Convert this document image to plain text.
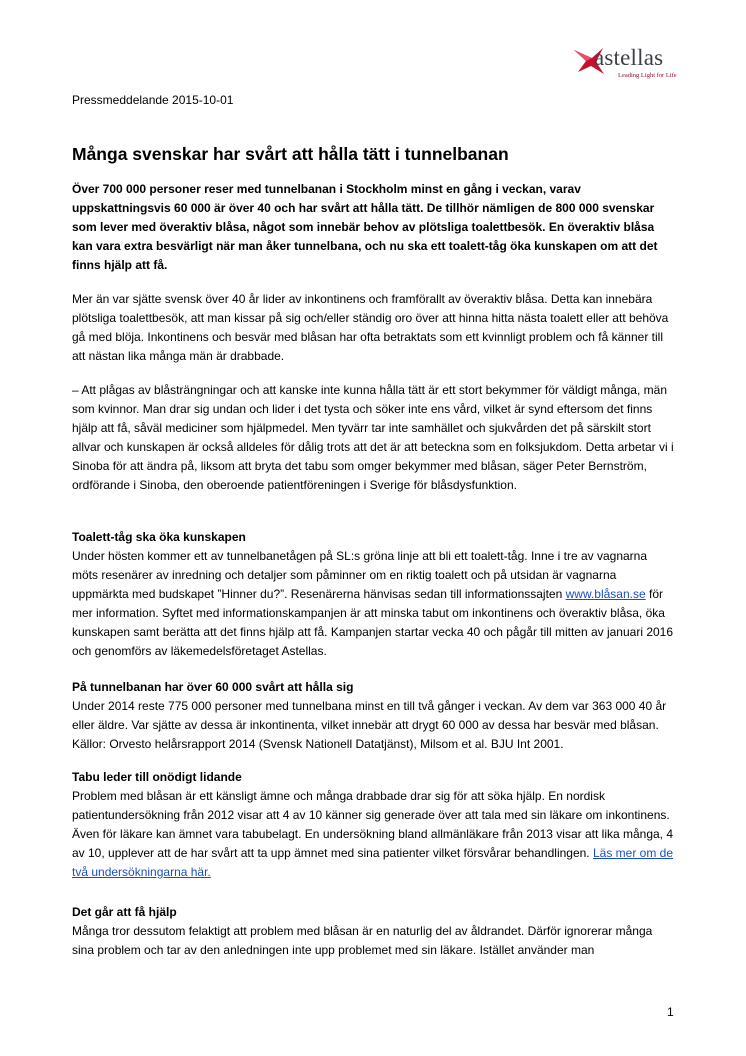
astellas
Leading Light for Life
Pressmeddelande 2015-10-01
Många svenskar har svårt att hålla tätt i tunnelbanan

Över 700 000 personer reser med tunnelbanan i Stockholm minst en gång i veckan, varav uppskattningsvis 60 000 är över 40 och har svårt att hålla tätt. De tillhör nämligen de 800 000 svenskar som lever med överaktiv blåsa, något som innebär behov av plötsliga toalettbesök. En överaktiv blåsa kan vara extra besvärligt när man åker tunnelbana, och nu ska ett toalett-tåg öka kunskapen om att det finns hjälp att få.

Mer än var sjätte svensk över 40 år lider av inkontinens och framförallt av överaktiv blåsa. Detta kan innebära plötsliga toalettbesök, att man kissar på sig och/eller ständig oro över att hinna hitta nästa toalett eller att behöva gå med blöja. Inkontinens och besvär med blåsan har ofta betraktats som ett kvinnligt problem och få känner till att nästan lika många män är drabbade.

– Att plågas av blåsträngningar och att kanske inte kunna hålla tätt är ett stort bekymmer för väldigt många, män som kvinnor. Man drar sig undan och lider i det tysta och söker inte ens vård, vilket är synd eftersom det finns hjälp att få, såväl mediciner som hjälpmedel. Men tyvärr tar inte samhället och sjukvården det på särskilt stort allvar och kunskapen är också alldeles för dålig trots att det är att beteckna som en folksjukdom. Detta arbetar vi i Sinoba för att ändra på, liksom att bryta det tabu som omger bekymmer med blåsan, säger Peter Bernström, ordförande i Sinoba, den oberoende patientföreningen i Sverige för blåsdysfunktion.

Toalett-tåg ska öka kunskapen

Under hösten kommer ett av tunnelbanetågen på SL:s gröna linje att bli ett toalett-tåg. Inne i tre av vagnarna möts resenärer av inredning och detaljer som påminner om en riktig toalett och på utsidan är vagnarna uppmärkta med budskapet ”Hinner du?”. Resenärerna hänvisas sedan till informationssajten www.blåsan.se för mer information. Syftet med informationskampanjen är att minska tabut om inkontinens och överaktiv blåsa, öka kunskapen samt berätta att det finns hjälp att få. Kampanjen startar vecka 40 och pågår till mitten av januari 2016 och genomförs av läkemedelsföretaget Astellas.

På tunnelbanan har över 60 000 svårt att hålla sig

Under 2014 reste 775 000 personer med tunnelbana minst en till två gånger i veckan. Av dem var 363 000 40 år eller äldre. Var sjätte av dessa är inkontinenta, vilket innebär att drygt 60 000 av dessa har besvär med blåsan. Källor: Orvesto helårsrapport 2014 (Svensk Nationell Datatjänst), Milsom et al. BJU Int 2001.

Tabu leder till onödigt lidande

Problem med blåsan är ett känsligt ämne och många drabbade drar sig för att söka hjälp. En nordisk patientundersökning från 2012 visar att 4 av 10 känner sig generade över att tala med sin läkare om inkontinens. Även för läkare kan ämnet vara tabubelagt. En undersökning bland allmänläkare från 2013 visar att lika många, 4 av 10, upplever att de har svårt att ta upp ämnet med sina patienter vilket försvårar behandlingen. Läs mer om de två undersökningarna här.

Det går att få hjälp

Många tror dessutom felaktigt att problem med blåsan är en naturlig del av åldrandet. Därför ignorerar många sina problem och tar av den anledningen inte upp problemet med sin läkare. Istället använder man

1
